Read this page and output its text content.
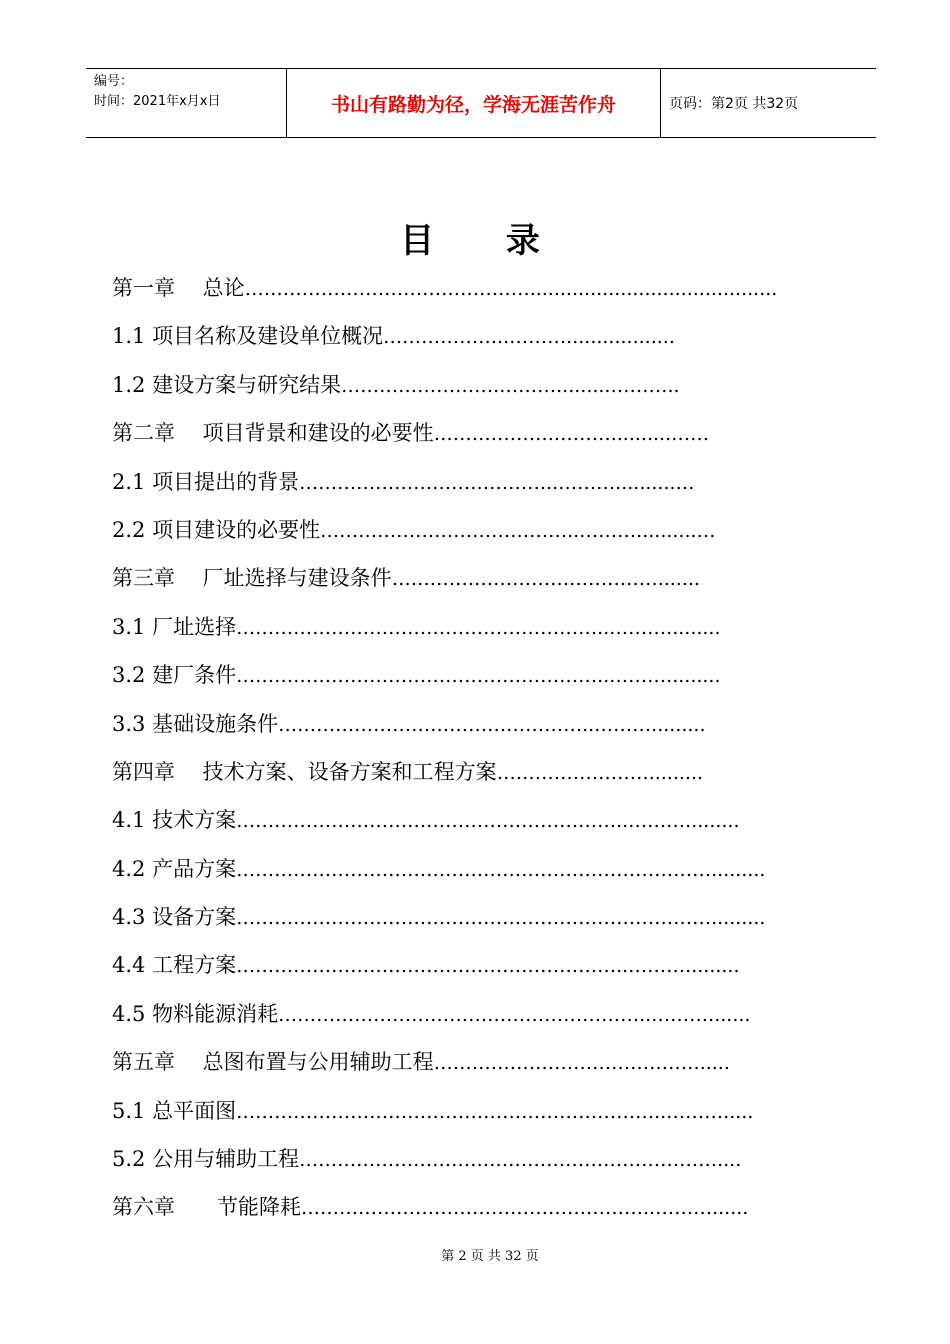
编号：
时间：2021年x月x日	书山有路勤为径，学海无涯苦作舟	页码：第2页 共32页
目 录
第一章　 总论……………………………………….........................................
1.1 项目名称及建设单位概况………………..………..................
1.2 建设方案与研究结果…………………….……….........………..
第二章　 项目背景和建设的必要性……………….………..........……
2.1 项目提出的背景…………………………………..………..........…
2.2 项目建设的必要性…………………………………..………..........…
第三章　 厂址选择与建设条件…………………………………….......
3.1 厂址选择…………………………………………………..……….........
3.2 建厂条件…………………………………………………..……….........
3.3 基础设施条件…………………………………………..……….........
第四章　 技术方案、设备方案和工程方案…………………….........
4.1 技术方案……………………………………………………..……….........
4.2 产品方案………………………………………………………………….........
4.3 设备方案………………………………………………………………….........
4.4 工程方案……………………………………………………..……….........
4.5 物料能源消耗…………………………………………………..……….......
第五章　 总图布置与公用辅助工程…………………………………….....
5.1 总平面图…………………………………………………………..……….....
5.2 公用与辅助工程…………………………………………………………....
第六章　　节能降耗………………………………………………..………......
第 2 页 共 32 页
